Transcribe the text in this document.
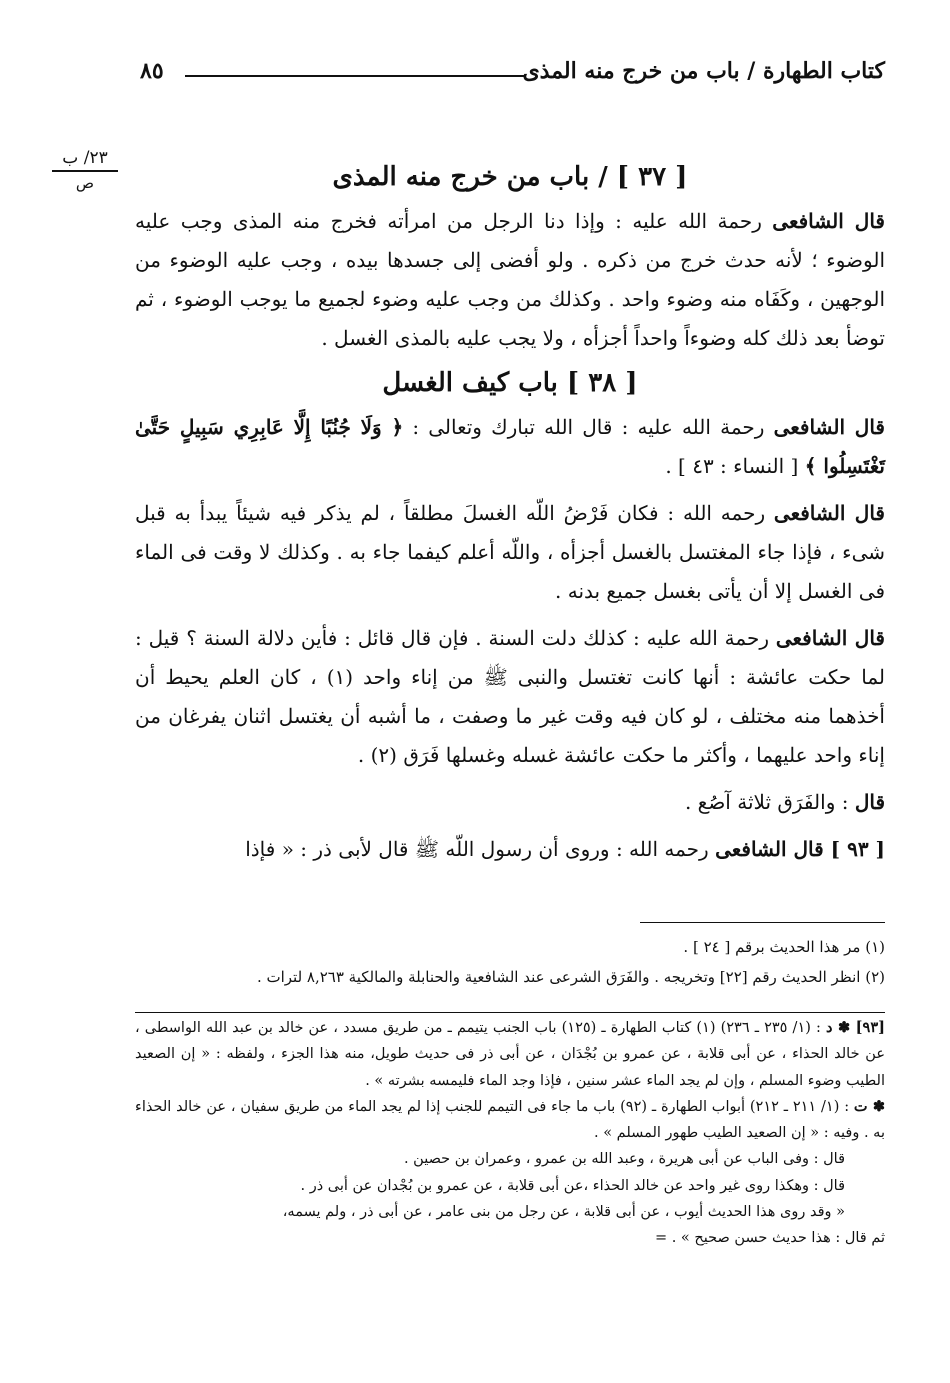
كتاب الطهارة / باب من خرج منه المذى
٨٥
٢٣/ ب
ص	[ ٣٧ ] / باب من خرج منه المذى

قال الشافعى رحمة الله عليه : وإذا دنا الرجل من امرأته فخرج منه المذى وجب عليه الوضوء ؛ لأنه حدث خرج من ذكره . ولو أفضى إلى جسدها بيده ، وجب عليه الوضوء من الوجهين ، وكَفَاه منه وضوء واحد . وكذلك من وجب عليه وضوء لجميع ما يوجب الوضوء ، ثم توضأ بعد ذلك كله وضوءاً واحداً أجزأه ، ولا يجب عليه بالمذى الغسل .

[ ٣٨ ] باب كيف الغسل

قال الشافعى رحمة الله عليه : قال الله تبارك وتعالى : ﴿ وَلَا جُنُبًا إِلَّا عَابِرِي سَبِيلٍ حَتَّىٰ تَغْتَسِلُوا ﴾ [ النساء : ٤٣ ] .

قال الشافعى رحمه الله : فكان فَرْضُ اللّه الغسلَ مطلقاً ، لم يذكر فيه شيئاً يبدأ به قبل شىء ، فإذا جاء المغتسل بالغسل أجزأه ، واللّه أعلم كيفما جاء به . وكذلك لا وقت فى الماء فى الغسل إلا أن يأتى بغسل جميع بدنه .

قال الشافعى رحمة الله عليه : كذلك دلت السنة . فإن قال قائل : فأين دلالة السنة ؟ قيل : لما حكت عائشة : أنها كانت تغتسل والنبى ﷺ من إناء واحد (١) ، كان العلم يحيط أن أخذهما منه مختلف ، لو كان فيه وقت غير ما وصفت ، ما أشبه أن يغتسل اثنان يفرغان من إناء واحد عليهما ، وأكثر ما حكت عائشة غسله وغسلها فَرَق (٢) .

قال : والفَرَق ثلاثة آصُع .

[ ٩٣ ] قال الشافعى رحمه الله : وروى أن رسول اللّه ﷺ قال لأبى ذر : « فإذا

(١) مر هذا الحديث برقم [ ٢٤ ] .
(٢) انظر الحديث رقم [٢٢] وتخريجه . والفَرَق الشرعى عند الشافعية والحنابلة والمالكية ٨,٢٦٣ لترات .
[٩٣] ✽ د : (١/ ٢٣٥ ـ ٢٣٦) (١) كتاب الطهارة ـ (١٢٥) باب الجنب يتيمم ـ من طريق مسدد ، عن خالد بن عبد الله الواسطى ، عن خالد الحذاء ، عن أبى قلابة ، عن عمرو بن بُجْدَان ، عن أبى ذر فى حديث طويل، منه هذا الجزء ، ولفظه : « إن الصعيد الطيب وضوء المسلم ، وإن لم يجد الماء عشر سنين ، فإذا وجد الماء فليمسه بشرته » .
✽ ت : (١/ ٢١١ ـ ٢١٢) أبواب الطهارة ـ (٩٢) باب ما جاء فى التيمم للجنب إذا لم يجد الماء من طريق سفيان ، عن خالد الحذاء به . وفيه : « إن الصعيد الطيب طهور المسلم » .
قال : وفى الباب عن أبى هريرة ، وعبد الله بن عمرو ، وعمران بن حصين .
قال : وهكذا روى غير واحد عن خالد الحذاء ،عن أبى قلابة ، عن عمرو بن بُجْدان عن أبى ذر .
« وقد روى هذا الحديث أيوب ، عن أبى قلابة ، عن رجل من بنى عامر ، عن أبى ذر ، ولم يسمه،
ثم قال : هذا حديث حسن صحيح » . =
